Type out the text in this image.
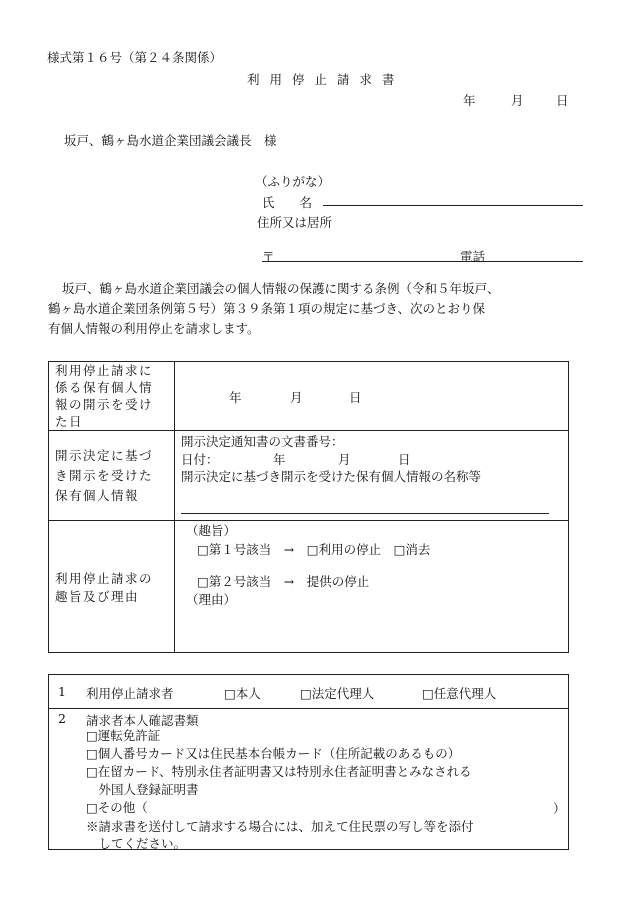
様式第１６号（第２４条関係）
利 用 停 止 請 求 書
年	月	日
坂戸、鶴ヶ島水道企業団議会議長　様
（ふりがな）
氏　　名
住所又は居所
〒	電話
坂戸、鶴ヶ島水道企業団議会の個人情報の保護に関する条例（令和５年坂戸、
鶴ヶ島水道企業団条例第５号）第３９条第１項の規定に基づき、次のとおり保
有個人情報の利用停止を請求します。
利用停止請求に
係る保有個人情
報の開示を受け
た日
年	月	日
開示決定に基づ
き開示を受けた
保有個人情報
開示決定通知書の文書番号：
日付：	年	月	日
開示決定に基づき開示を受けた保有個人情報の名称等
利用停止請求の
趣旨及び理由
（趣旨）
□第１号該当　→　□利用の停止　□消去
□第２号該当　→　提供の停止
（理由）
1 利用停止請求者	□本人	□法定代理人	□任意代理人
2 請求者本人確認書類
□運転免許証
□個人番号カード又は住民基本台帳カード（住所記載のあるもの）
□在留カード、特別永住者証明書又は特別永住者証明書とみなされる
　外国人登録証明書
□その他（	）
※請求書を送付して請求する場合には、加えて住民票の写し等を添付
　してください。
